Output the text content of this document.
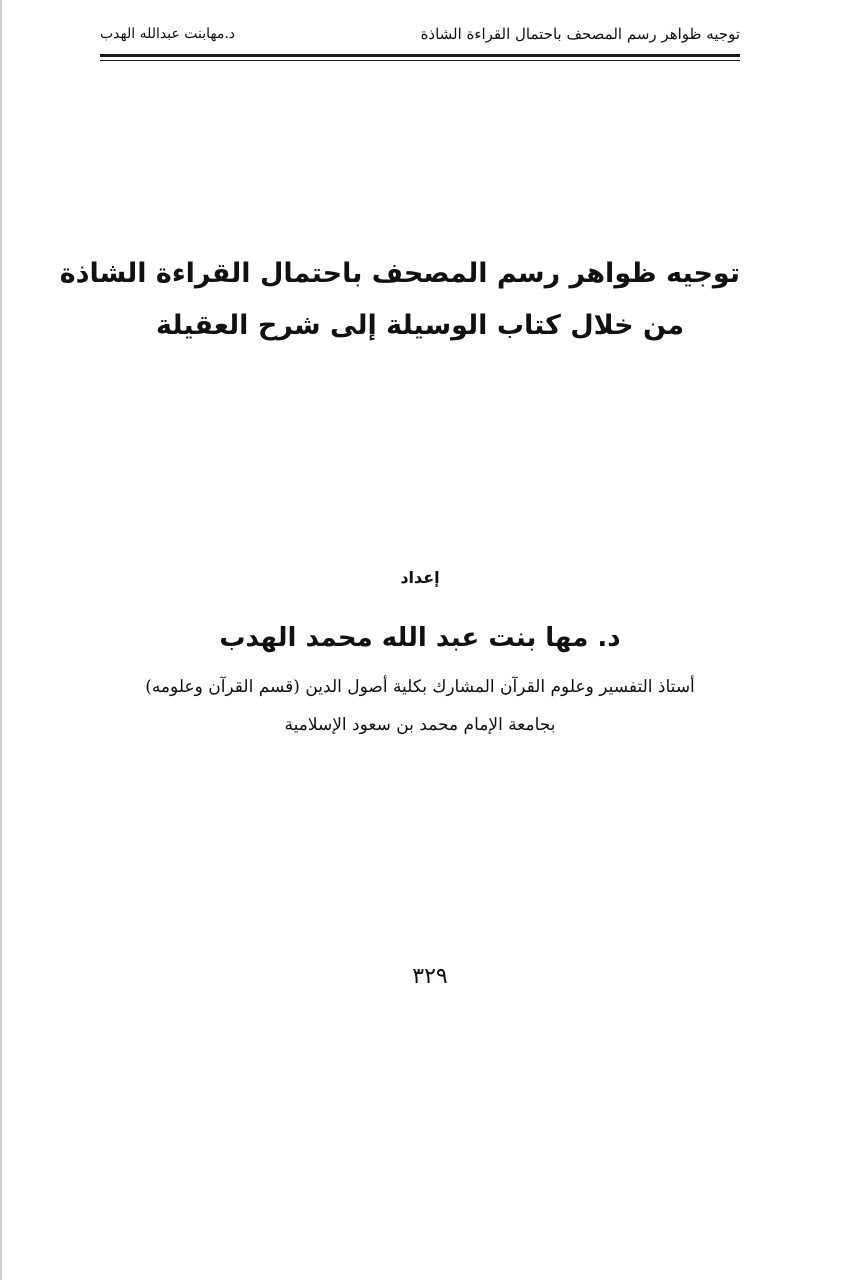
توجيه ظواهر رسم المصحف باحتمال القراءة الشاذة
د.مهابنت عبدالله الهدب
توجيه ظواهر رسم المصحف باحتمال القراءة الشاذة
من خلال كتاب الوسيلة إلى شرح العقيلة
إعداد
د. مها بنت عبد الله محمد الهدب
أستاذ التفسير وعلوم القرآن المشارك بكلية أصول الدين (قسم القرآن وعلومه)
بجامعة الإمام محمد بن سعود الإسلامية
٣٢٩
